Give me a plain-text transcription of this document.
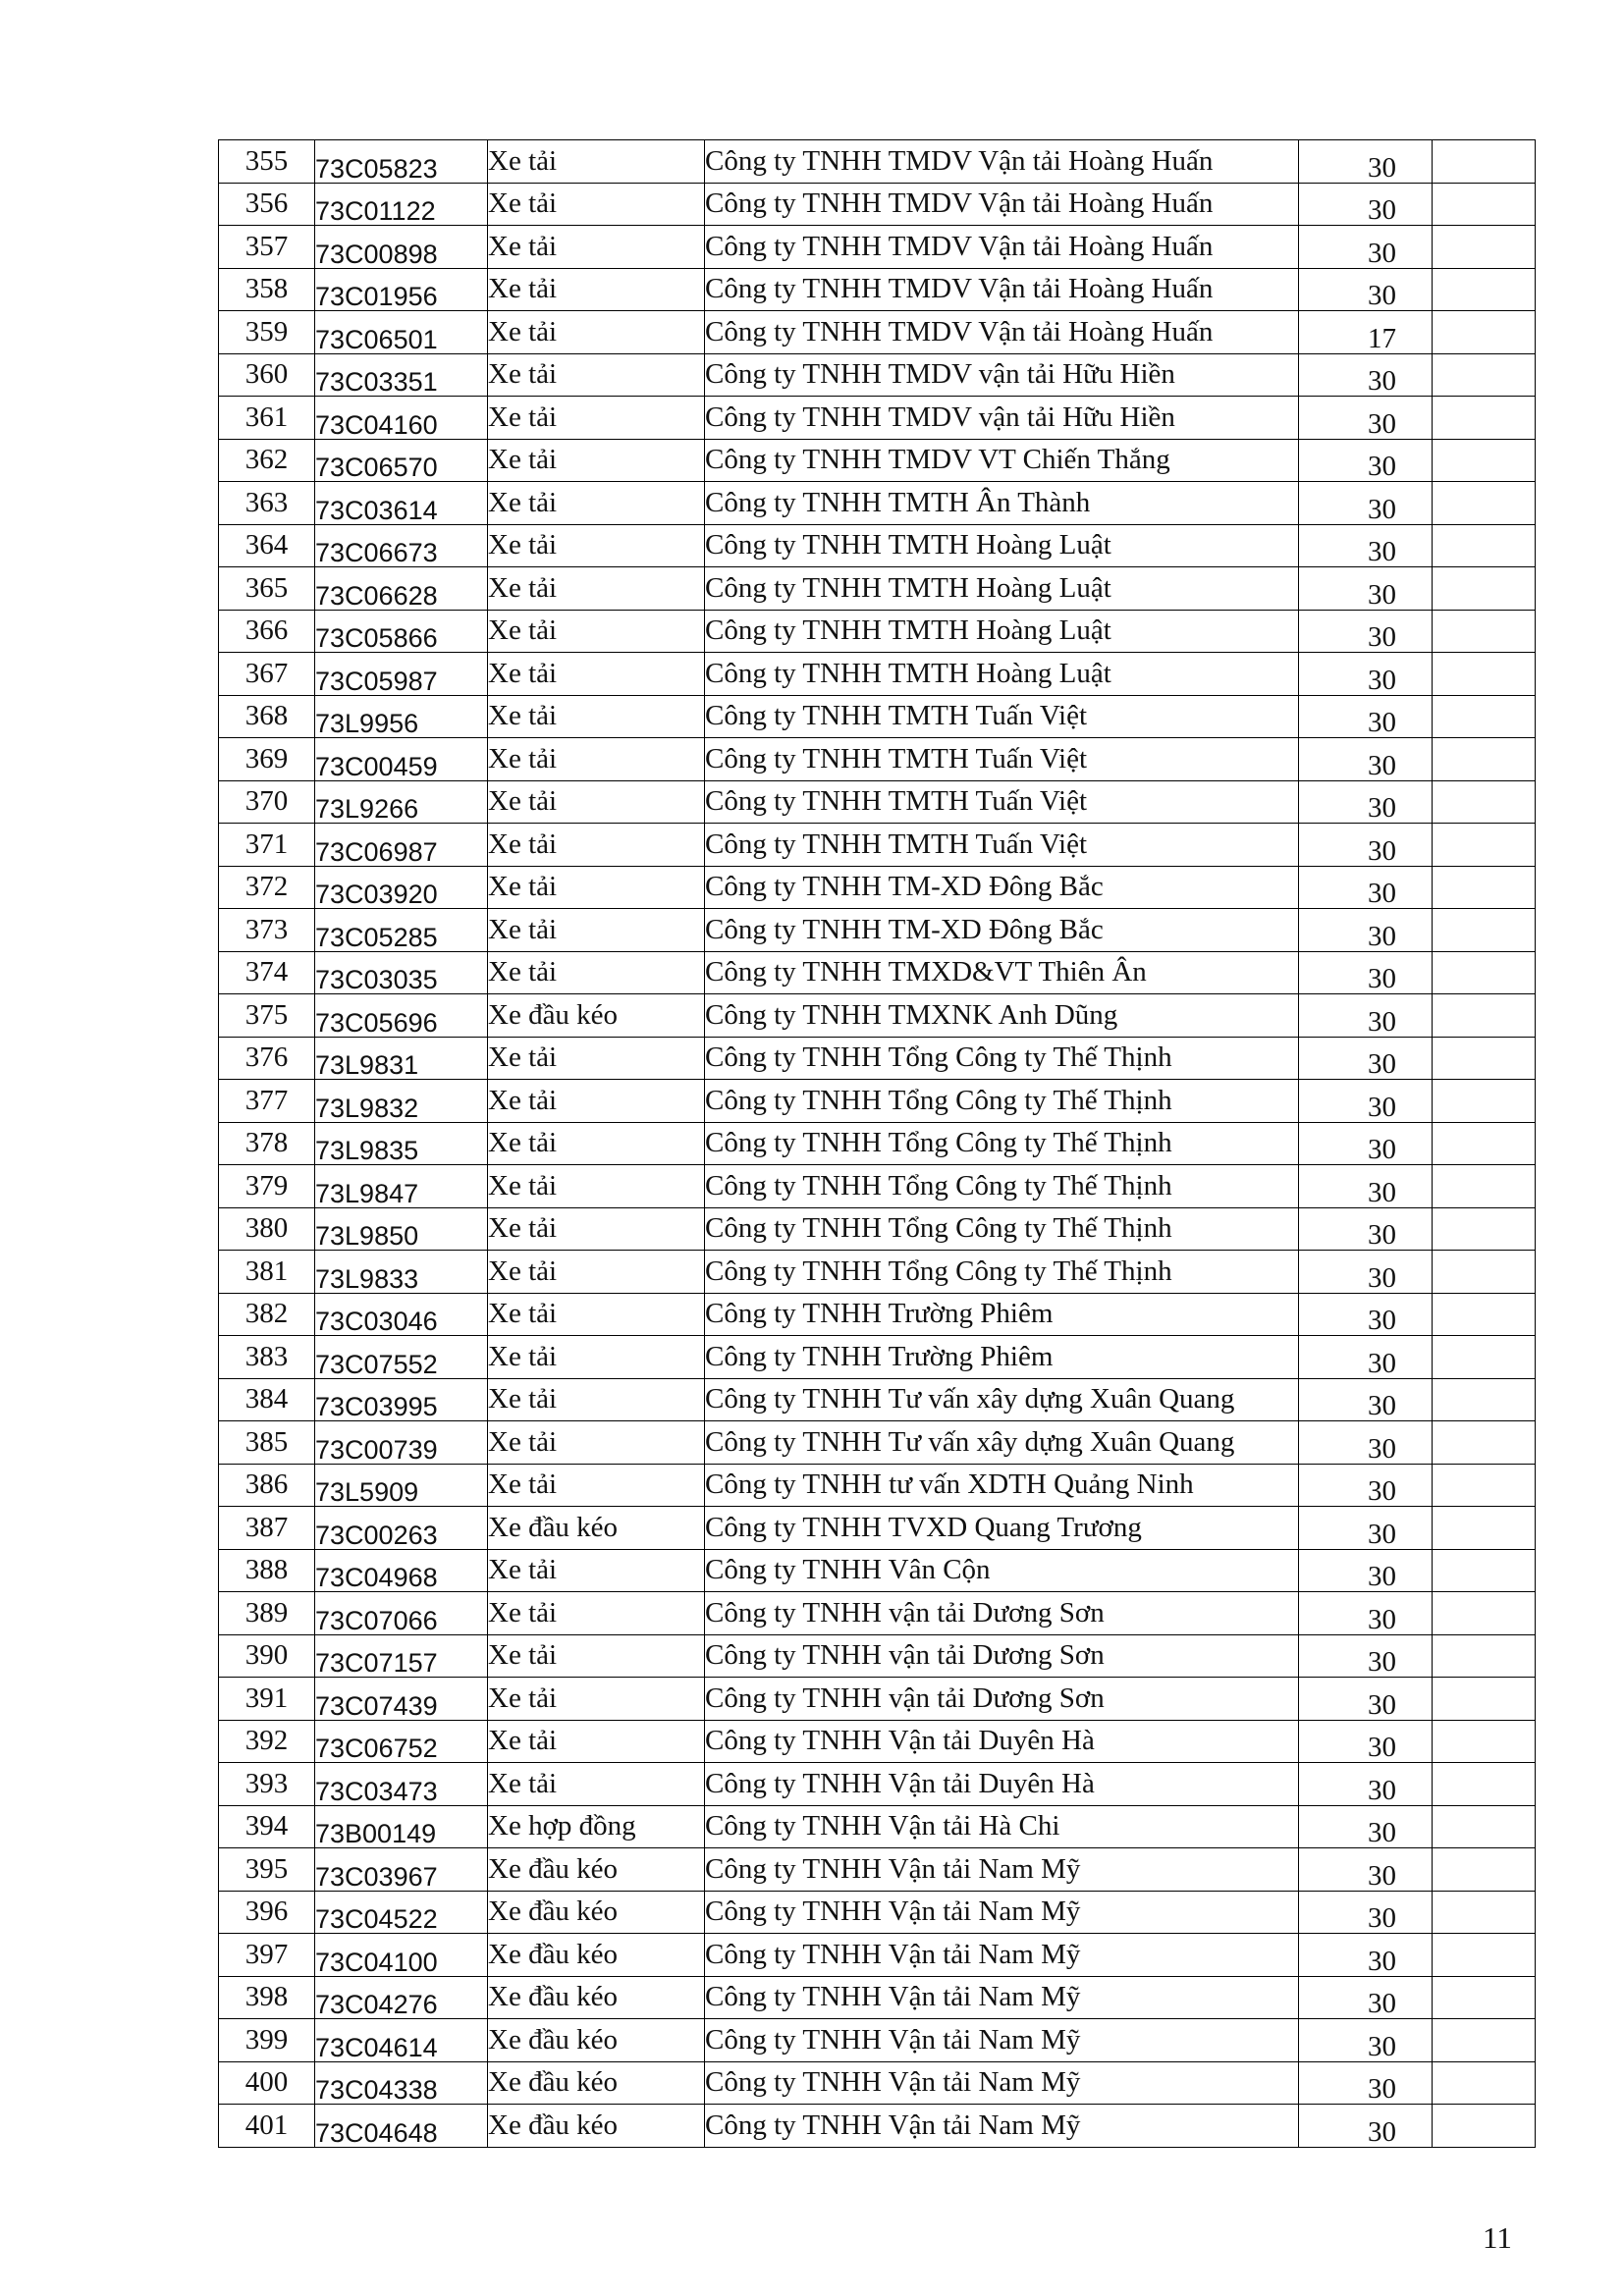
355	73C05823	Xe tải	Công ty TNHH TMDV Vận tải Hoàng Huấn	30	

356	73C01122	Xe tải	Công ty TNHH TMDV Vận tải Hoàng Huấn	30	

357	73C00898	Xe tải	Công ty TNHH TMDV Vận tải Hoàng Huấn	30	

358	73C01956	Xe tải	Công ty TNHH TMDV Vận tải Hoàng Huấn	30	

359	73C06501	Xe tải	Công ty TNHH TMDV Vận tải Hoàng Huấn	17	

360	73C03351	Xe tải	Công ty TNHH TMDV vận tải Hữu Hiền	30	

361	73C04160	Xe tải	Công ty TNHH TMDV vận tải Hữu Hiền	30	

362	73C06570	Xe tải	Công ty TNHH TMDV VT Chiến Thắng	30	

363	73C03614	Xe tải	Công ty TNHH TMTH Ân Thành	30	

364	73C06673	Xe tải	Công ty TNHH TMTH Hoàng Luật	30	

365	73C06628	Xe tải	Công ty TNHH TMTH Hoàng Luật	30	

366	73C05866	Xe tải	Công ty TNHH TMTH Hoàng Luật	30	

367	73C05987	Xe tải	Công ty TNHH TMTH Hoàng Luật	30	

368	73L9956	Xe tải	Công ty TNHH TMTH Tuấn Việt	30	

369	73C00459	Xe tải	Công ty TNHH TMTH Tuấn Việt	30	

370	73L9266	Xe tải	Công ty TNHH TMTH Tuấn Việt	30	

371	73C06987	Xe tải	Công ty TNHH TMTH Tuấn Việt	30	

372	73C03920	Xe tải	Công ty TNHH TM-XD Đông Bắc	30	

373	73C05285	Xe tải	Công ty TNHH TM-XD Đông Bắc	30	

374	73C03035	Xe tải	Công ty TNHH TMXD&VT Thiên Ân	30	

375	73C05696	Xe đầu kéo	Công ty TNHH TMXNK Anh Dũng	30	

376	73L9831	Xe tải	Công ty TNHH Tổng Công ty Thế Thịnh	30	

377	73L9832	Xe tải	Công ty TNHH Tổng Công ty Thế Thịnh	30	

378	73L9835	Xe tải	Công ty TNHH Tổng Công ty Thế Thịnh	30	

379	73L9847	Xe tải	Công ty TNHH Tổng Công ty Thế Thịnh	30	

380	73L9850	Xe tải	Công ty TNHH Tổng Công ty Thế Thịnh	30	

381	73L9833	Xe tải	Công ty TNHH Tổng Công ty Thế Thịnh	30	

382	73C03046	Xe tải	Công ty TNHH Trường Phiêm	30	

383	73C07552	Xe tải	Công ty TNHH Trường Phiêm	30	

384	73C03995	Xe tải	Công ty TNHH Tư vấn xây dựng Xuân Quang	30	

385	73C00739	Xe tải	Công ty TNHH Tư vấn xây dựng Xuân Quang	30	

386	73L5909	Xe tải	Công ty TNHH tư vấn XDTH Quảng Ninh	30	

387	73C00263	Xe đầu kéo	Công ty TNHH TVXD Quang Trương	30	

388	73C04968	Xe tải	Công ty TNHH Vân Cộn	30	

389	73C07066	Xe tải	Công ty TNHH vận tải Dương Sơn	30	

390	73C07157	Xe tải	Công ty TNHH vận tải Dương Sơn	30	

391	73C07439	Xe tải	Công ty TNHH vận tải Dương Sơn	30	

392	73C06752	Xe tải	Công ty TNHH Vận tải Duyên Hà	30	

393	73C03473	Xe tải	Công ty TNHH Vận tải Duyên Hà	30	

394	73B00149	Xe hợp đồng	Công ty TNHH Vận tải Hà Chi	30	

395	73C03967	Xe đầu kéo	Công ty TNHH Vận tải Nam Mỹ	30	

396	73C04522	Xe đầu kéo	Công ty TNHH Vận tải Nam Mỹ	30	

397	73C04100	Xe đầu kéo	Công ty TNHH Vận tải Nam Mỹ	30	

398	73C04276	Xe đầu kéo	Công ty TNHH Vận tải Nam Mỹ	30	

399	73C04614	Xe đầu kéo	Công ty TNHH Vận tải Nam Mỹ	30	

400	73C04338	Xe đầu kéo	Công ty TNHH Vận tải Nam Mỹ	30	

401	73C04648	Xe đầu kéo	Công ty TNHH Vận tải Nam Mỹ	30	

11
